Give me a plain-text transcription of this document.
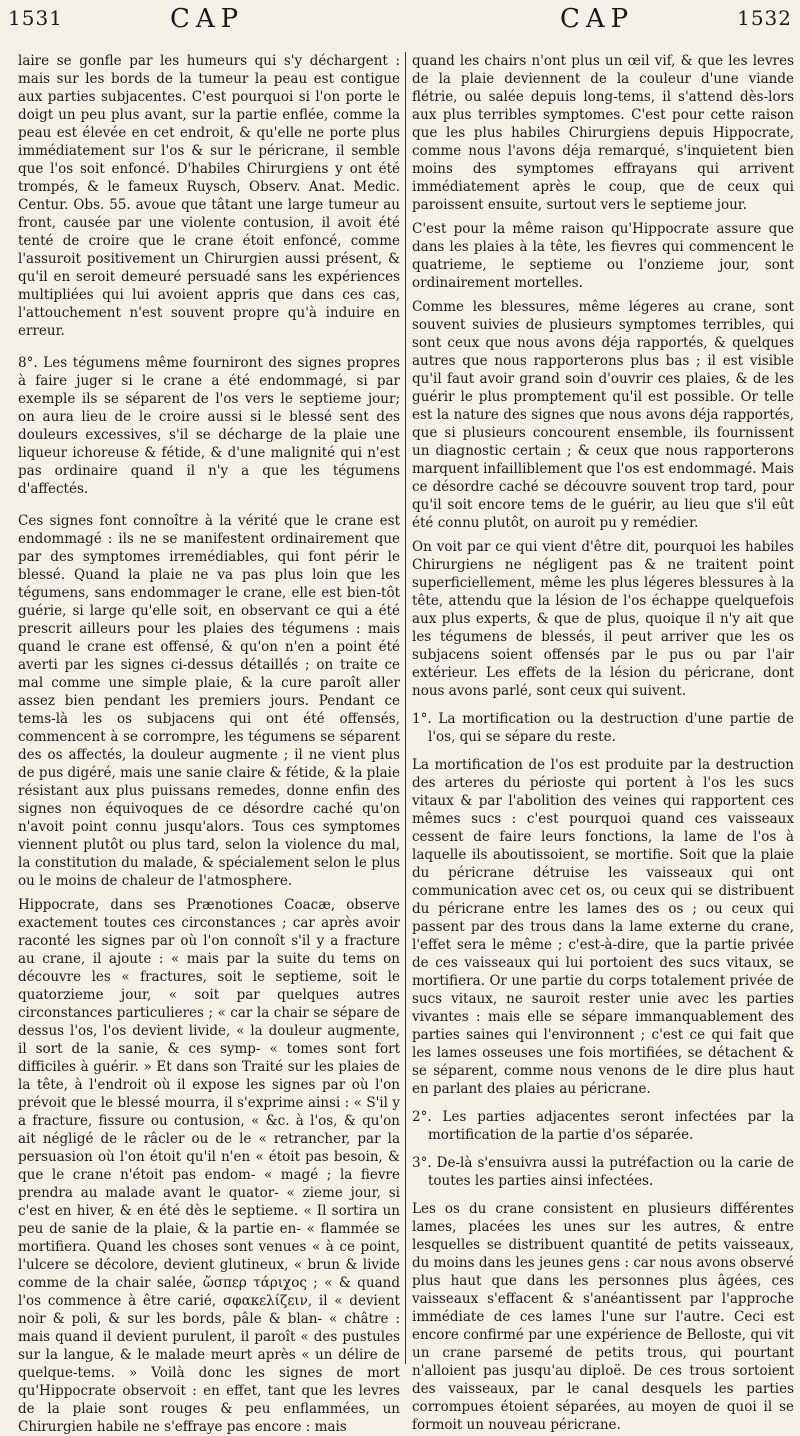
1531	CAP	CAP	1532

laire se gonfle par les humeurs qui s'y déchargent : mais sur les bords de la tumeur la peau est contigue aux parties subjacentes. C'est pourquoi si l'on porte le doigt un peu plus avant, sur la partie enflée, comme la peau est élevée en cet endroit, & qu'elle ne porte plus immédiatement sur l'os & sur le péricrane, il semble que l'os soit enfoncé. D'habiles Chirurgiens y ont été trompés, & le fameux Ruysch, Observ. Anat. Medic. Centur. Obs. 55. avoue que tâtant une large tumeur au front, causée par une violente contusion, il avoit été tenté de croire que le crane étoit enfoncé, comme l'assuroit positivement un Chirurgien aussi présent, & qu'il en seroit demeuré persuadé sans les expériences multipliées qui lui avoient appris que dans ces cas, l'attouchement n'est souvent propre qu'à induire en erreur.

8°. Les tégumens même fourniront des signes propres à faire juger si le crane a été endommagé, si par exemple ils se séparent de l'os vers le septieme jour; on aura lieu de le croire aussi si le blessé sent des douleurs excessives, s'il se décharge de la plaie une liqueur ichoreuse & fétide, & d'une malignité qui n'est pas ordinaire quand il n'y a que les tégumens d'affectés.

Ces signes font connoître à la vérité que le crane est endommagé : ils ne se manifestent ordinairement que par des symptomes irremédiables, qui font périr le blessé. Quand la plaie ne va pas plus loin que les tégumens, sans endommager le crane, elle est bien-tôt guérie, si large qu'elle soit, en observant ce qui a été prescrit ailleurs pour les plaies des tégumens : mais quand le crane est offensé, & qu'on n'en a point été averti par les signes ci-dessus détaillés ; on traite ce mal comme une simple plaie, & la cure paroît aller assez bien pendant les premiers jours. Pendant ce tems-là les os subjacens qui ont été offensés, commencent à se corrompre, les tégumens se séparent des os affectés, la douleur augmente ; il ne vient plus de pus digéré, mais une sanie claire & fétide, & la plaie résistant aux plus puissans remedes, donne enfin des signes non équivoques de ce désordre caché qu'on n'avoit point connu jusqu'alors. Tous ces symptomes viennent plutôt ou plus tard, selon la violence du mal, la constitution du malade, & spécialement selon le plus ou le moins de chaleur de l'atmosphere.

Hippocrate, dans ses Prænotiones Coacæ, observe exactement toutes ces circonstances ; car après avoir raconté les signes par où l'on connoît s'il y a fracture au crane, il ajoute : « mais par la suite du tems on découvre les « fractures, soit le septieme, soit le quatorzieme jour, « soit par quelques autres circonstances particulieres ; « car la chair se sépare de dessus l'os, l'os devient livide, « la douleur augmente, il sort de la sanie, & ces symp- « tomes sont fort difficiles à guérir. » Et dans son Traité sur les plaies de la tête, à l'endroit où il expose les signes par où l'on prévoit que le blessé mourra, il s'exprime ainsi : « S'il y a fracture, fissure ou contusion, « &c. à l'os, & qu'on ait négligé de le râcler ou de le « retrancher, par la persuasion où l'on étoit qu'il n'en « étoit pas besoin, & que le crane n'étoit pas endom- « magé ; la fievre prendra au malade avant le quator- « zieme jour, si c'est en hiver, & en été dès le septieme. « Il sortira un peu de sanie de la plaie, & la partie en- « flammée se mortifiera. Quand les choses sont venues « à ce point, l'ulcere se décolore, devient glutineux, « brun & livide comme de la chair salée, ὥσπερ τάριχος ; « & quand l'os commence à être carié, σφακελίζειν, il « devient noir & poli, & sur les bords, pâle & blan- « châtre : mais quand il devient purulent, il paroît « des pustules sur la langue, & le malade meurt après « un délire de quelque-tems. » Voilà donc les signes de mort qu'Hippocrate observoit : en effet, tant que les levres de la plaie sont rouges & peu enflammées, un Chirurgien habile ne s'effraye pas encore : mais

quand les chairs n'ont plus un œil vif, & que les levres de la plaie deviennent de la couleur d'une viande flétrie, ou salée depuis long-tems, il s'attend dès-lors aux plus terribles symptomes. C'est pour cette raison que les plus habiles Chirurgiens depuis Hippocrate, comme nous l'avons déja remarqué, s'inquietent bien moins des symptomes effrayans qui arrivent immédiatement après le coup, que de ceux qui paroissent ensuite, surtout vers le septieme jour.

C'est pour la même raison qu'Hippocrate assure que dans les plaies à la tête, les fievres qui commencent le quatrieme, le septieme ou l'onzieme jour, sont ordinairement mortelles.

Comme les blessures, même légeres au crane, sont souvent suivies de plusieurs symptomes terribles, qui sont ceux que nous avons déja rapportés, & quelques autres que nous rapporterons plus bas ; il est visible qu'il faut avoir grand soin d'ouvrir ces plaies, & de les guérir le plus promptement qu'il est possible. Or telle est la nature des signes que nous avons déja rapportés, que si plusieurs concourent ensemble, ils fournissent un diagnostic certain ; & ceux que nous rapporterons marquent infailliblement que l'os est endommagé. Mais ce désordre caché se découvre souvent trop tard, pour qu'il soit encore tems de le guérir, au lieu que s'il eût été connu plutôt, on auroit pu y remédier.

On voit par ce qui vient d'être dit, pourquoi les habiles Chirurgiens ne négligent pas & ne traitent point superficiellement, même les plus légeres blessures à la tête, attendu que la lésion de l'os échappe quelquefois aux plus experts, & que de plus, quoique il n'y ait que les tégumens de blessés, il peut arriver que les os subjacens soient offensés par le pus ou par l'air extérieur. Les effets de la lésion du péricrane, dont nous avons parlé, sont ceux qui suivent.

1°. La mortification ou la destruction d'une partie de l'os, qui se sépare du reste.

La mortification de l'os est produite par la destruction des arteres du périoste qui portent à l'os les sucs vitaux & par l'abolition des veines qui rapportent ces mêmes sucs : c'est pourquoi quand ces vaisseaux cessent de faire leurs fonctions, la lame de l'os à laquelle ils aboutissoient, se mortifie. Soit que la plaie du péricrane détruise les vaisseaux qui ont communication avec cet os, ou ceux qui se distribuent du péricrane entre les lames des os ; ou ceux qui passent par des trous dans la lame externe du crane, l'effet sera le même ; c'est-à-dire, que la partie privée de ces vaisseaux qui lui portoient des sucs vitaux, se mortifiera. Or une partie du corps totalement privée de sucs vitaux, ne sauroit rester unie avec les parties vivantes : mais elle se sépare immanquablement des parties saines qui l'environnent ; c'est ce qui fait que les lames osseuses une fois mortifiées, se détachent & se séparent, comme nous venons de le dire plus haut en parlant des plaies au péricrane.

2°. Les parties adjacentes seront infectées par la mortification de la partie d'os séparée.

3°. De-là s'ensuivra aussi la putréfaction ou la carie de toutes les parties ainsi infectées.

Les os du crane consistent en plusieurs différentes lames, placées les unes sur les autres, & entre lesquelles se distribuent quantité de petits vaisseaux, du moins dans les jeunes gens : car nous avons observé plus haut que dans les personnes plus âgées, ces vaisseaux s'effacent & s'anéantissent par l'approche immédiate de ces lames l'une sur l'autre. Ceci est encore confirmé par une expérience de Belloste, qui vit un crane parsemé de petits trous, qui pourtant n'alloient pas jusqu'au diploë. De ces trous sortoient des vaisseaux, par le canal desquels les parties corrompues étoient séparées, au moyen de quoi il se formoit un nouveau péricrane.
